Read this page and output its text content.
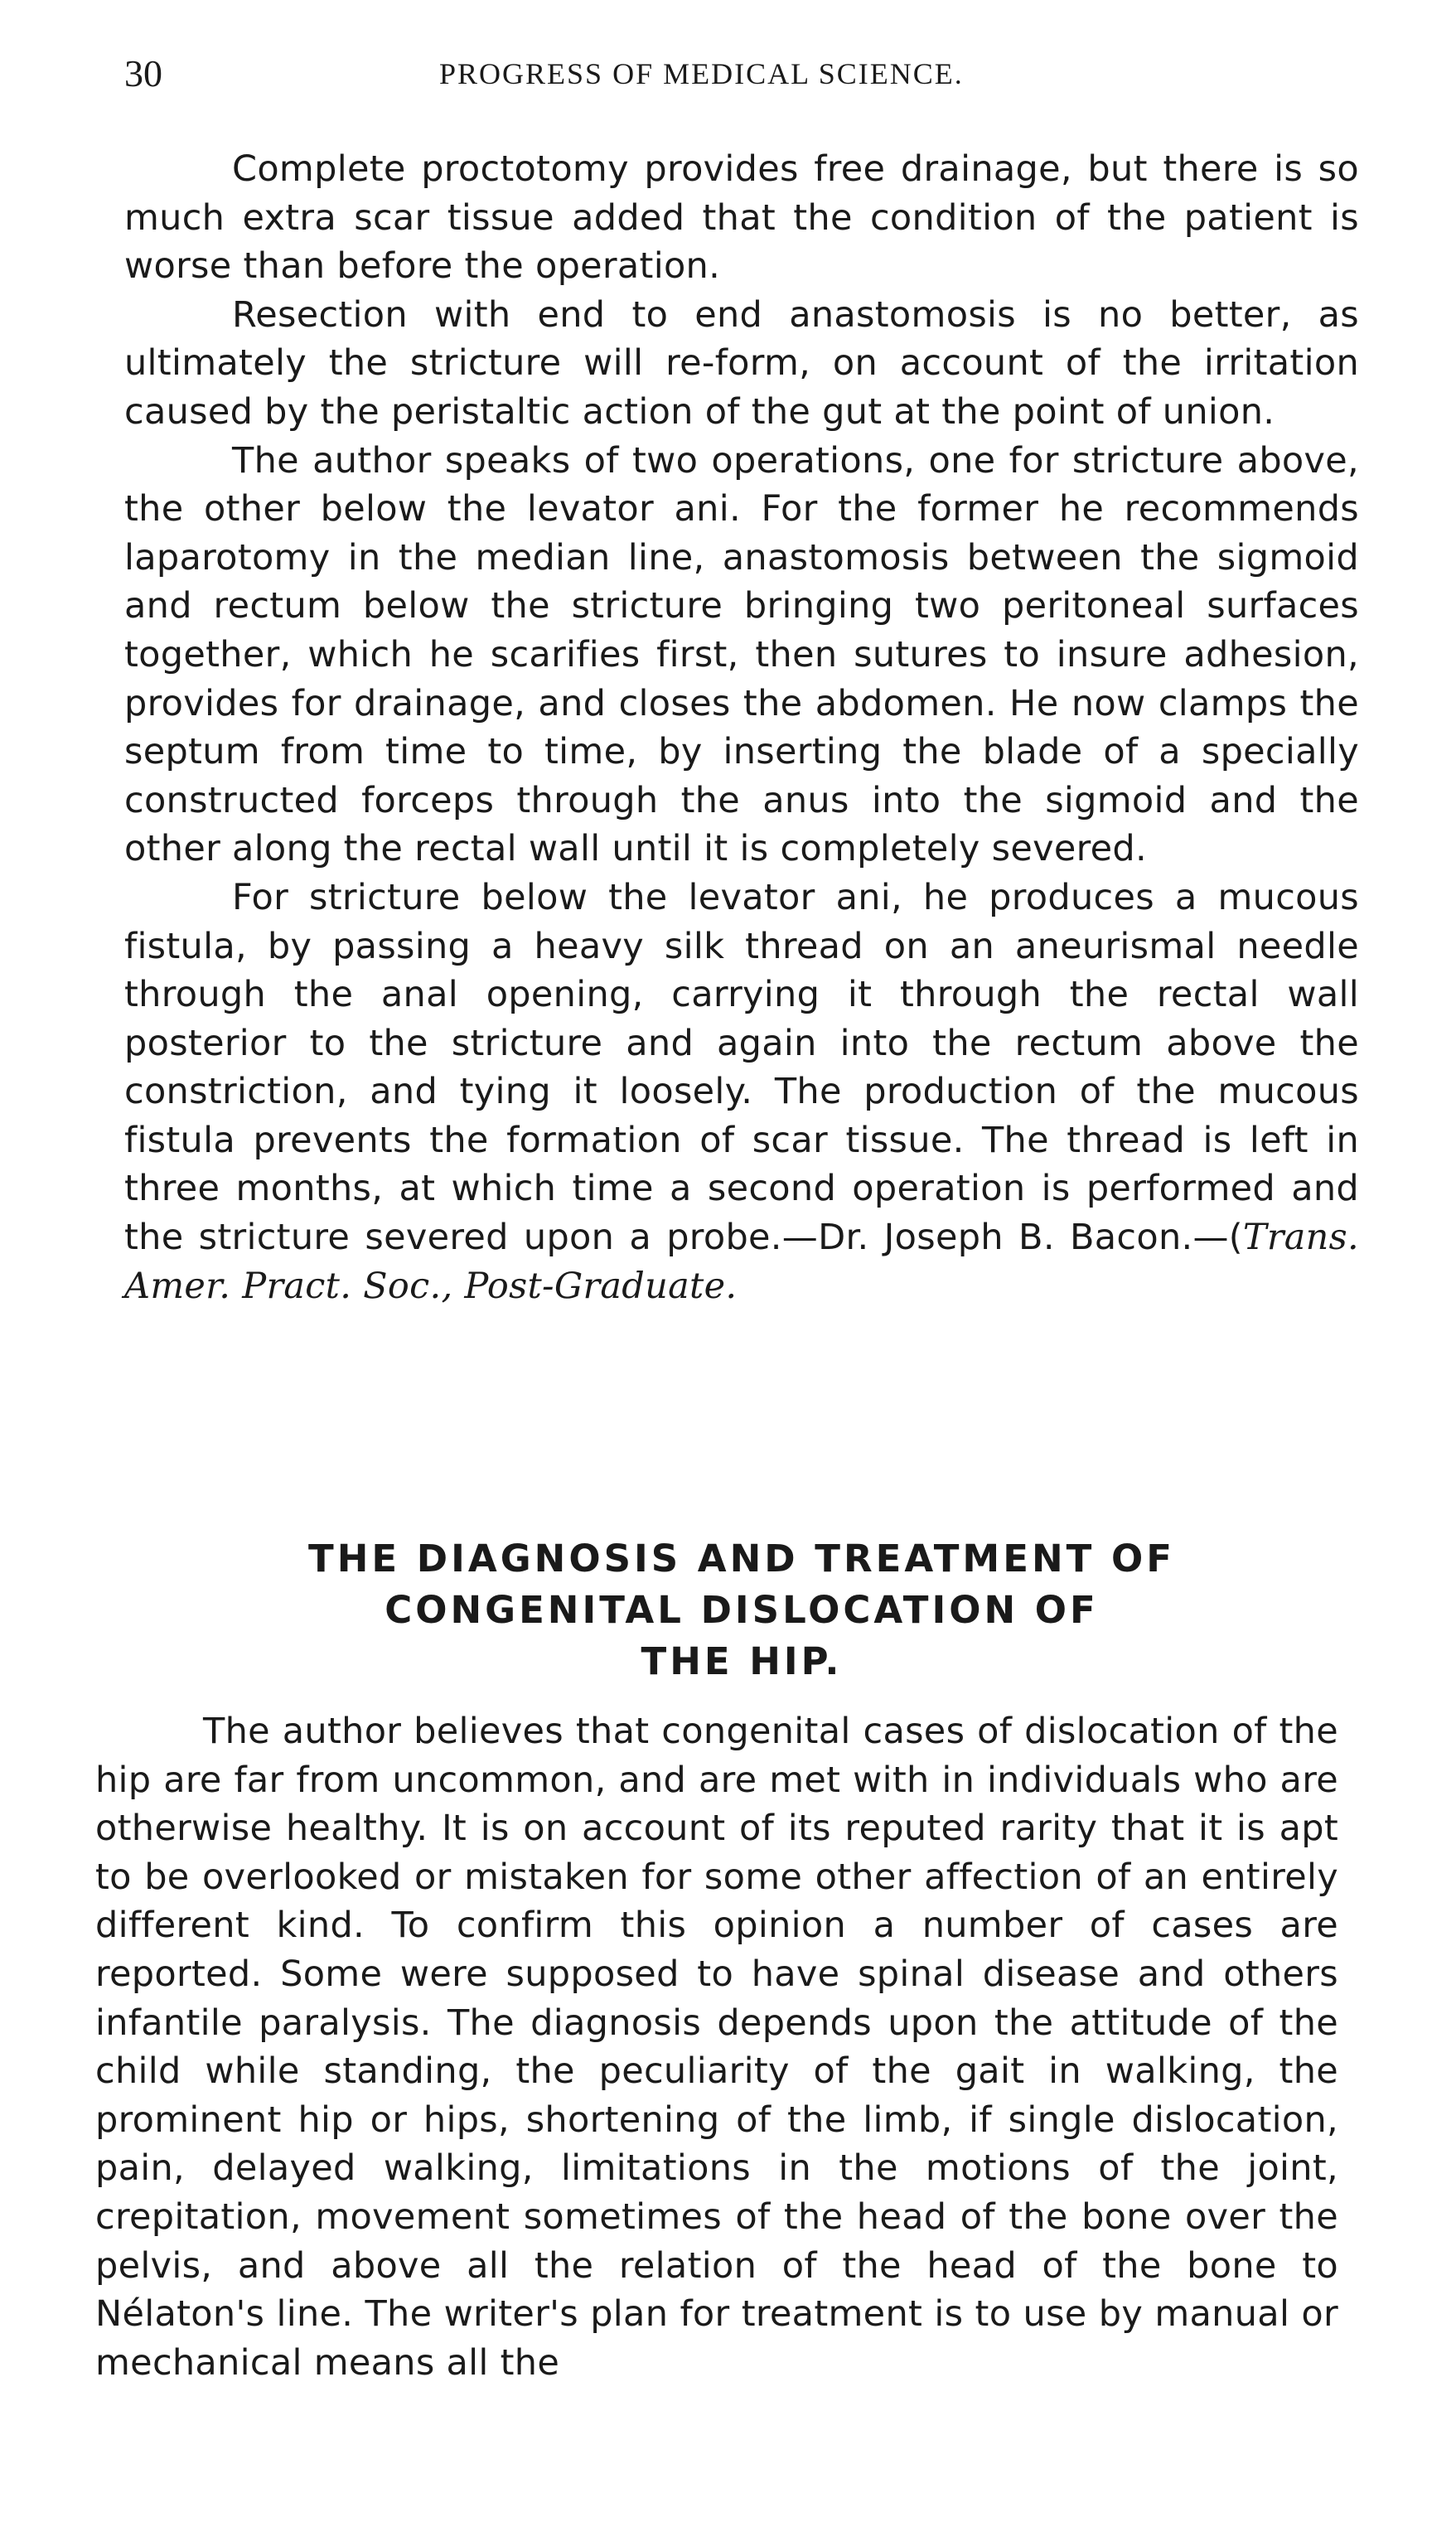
30	PROGRESS OF MEDICAL SCIENCE.

Complete proctotomy provides free drainage, but there is so much extra scar tissue added that the condition of the patient is worse than before the operation.

Resection with end to end anastomosis is no better, as ultimately the stricture will re-form, on account of the irritation caused by the peristaltic action of the gut at the point of union.

The author speaks of two operations, one for stricture above, the other below the levator ani. For the former he recommends laparotomy in the median line, anastomosis between the sigmoid and rectum below the stricture bringing two peritoneal surfaces together, which he scarifies first, then sutures to insure adhesion, provides for drainage, and closes the abdomen. He now clamps the septum from time to time, by inserting the blade of a specially constructed forceps through the anus into the sigmoid and the other along the rectal wall until it is completely severed.

For stricture below the levator ani, he produces a mucous fistula, by passing a heavy silk thread on an aneurismal needle through the anal opening, carrying it through the rectal wall posterior to the stricture and again into the rectum above the constriction, and tying it loosely. The production of the mucous fistula prevents the formation of scar tissue. The thread is left in three months, at which time a second operation is performed and the stricture severed upon a probe.—Dr. Joseph B. Bacon.—(Trans. Amer. Pract. Soc., Post-Graduate.

THE DIAGNOSIS AND TREATMENT OF

CONGENITAL DISLOCATION OF

THE HIP.

The author believes that congenital cases of dislocation of the hip are far from uncommon, and are met with in individuals who are otherwise healthy. It is on account of its reputed rarity that it is apt to be overlooked or mistaken for some other affection of an entirely different kind. To confirm this opinion a number of cases are reported. Some were supposed to have spinal disease and others infantile paralysis. The diagnosis depends upon the attitude of the child while standing, the peculiarity of the gait in walking, the prominent hip or hips, shortening of the limb, if single dislocation, pain, delayed walking, limitations in the motions of the joint, crepitation, movement sometimes of the head of the bone over the pelvis, and above all the relation of the head of the bone to Nélaton's line. The writer's plan for treatment is to use by manual or mechanical means all the
